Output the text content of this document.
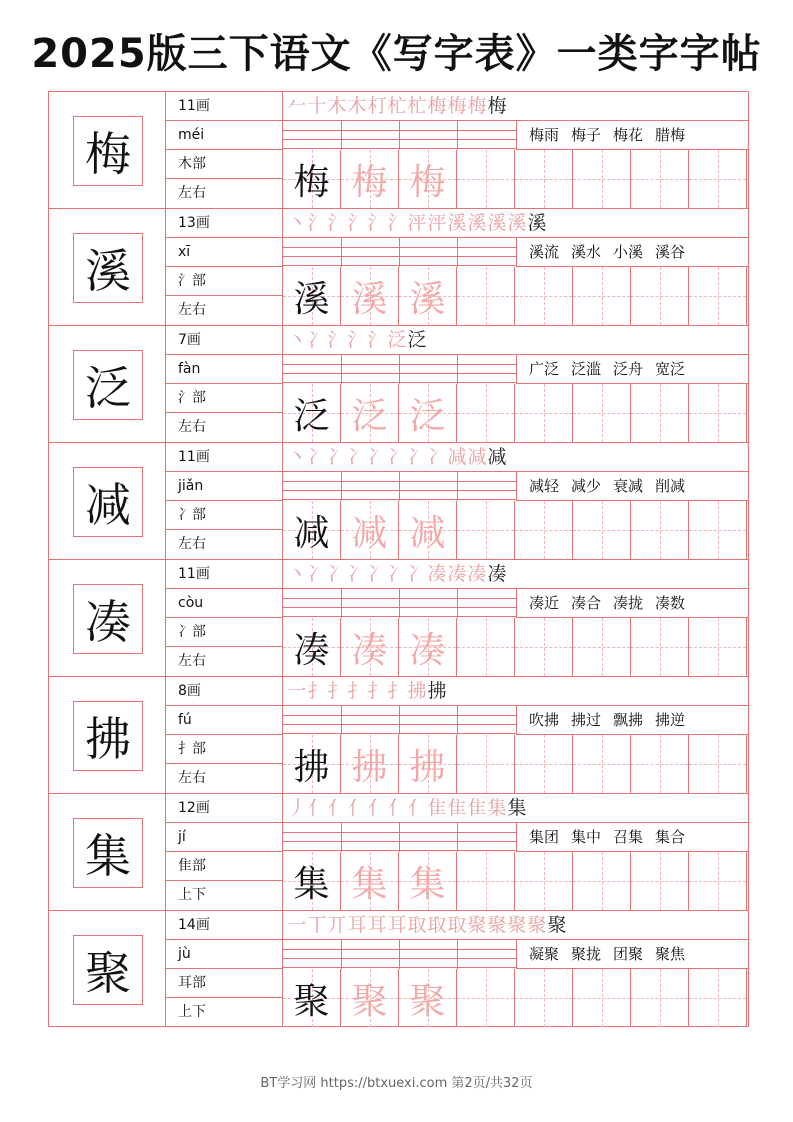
2025版三下语文《写字表》一类字字帖
梅
11画
méi
木部
左右
𠂉十木木朾杧杧梅梅梅梅
梅雨 梅子 梅花 腊梅
梅 梅 梅
溪
13画
xī
氵部
左右
丶氵氵氵氵氵泙泙溪溪溪溪溪
溪流 溪水 小溪 溪谷
溪 溪 溪
泛
7画
fàn
氵部
左右
丶冫氵氵氵泛泛
广泛 泛滥 泛舟 宽泛
泛 泛 泛
减
11画
jiǎn
冫部
左右
丶冫冫冫冫冫冫冫减减减
减轻 减少 衰减 削减
减 减 减
凑
11画
còu
冫部
左右
丶冫冫冫冫冫冫凑凑凑凑
凑近 凑合 凑拢 凑数
凑 凑 凑
拂
8画
fú
扌部
左右
一扌扌扌扌扌拂拂
吹拂 拂过 飘拂 拂逆
拂 拂 拂
集
12画
jí
隹部
上下
丿亻亻亻亻亻亻隹隹隹集集
集团 集中 召集 集合
集 集 集
聚
14画
jù
耳部
上下
一丅丌耳耳耳取取取聚聚聚聚聚
凝聚 聚拢 团聚 聚焦
聚 聚 聚
BT学习网 https://btxuexi.com 第2页/共32页
